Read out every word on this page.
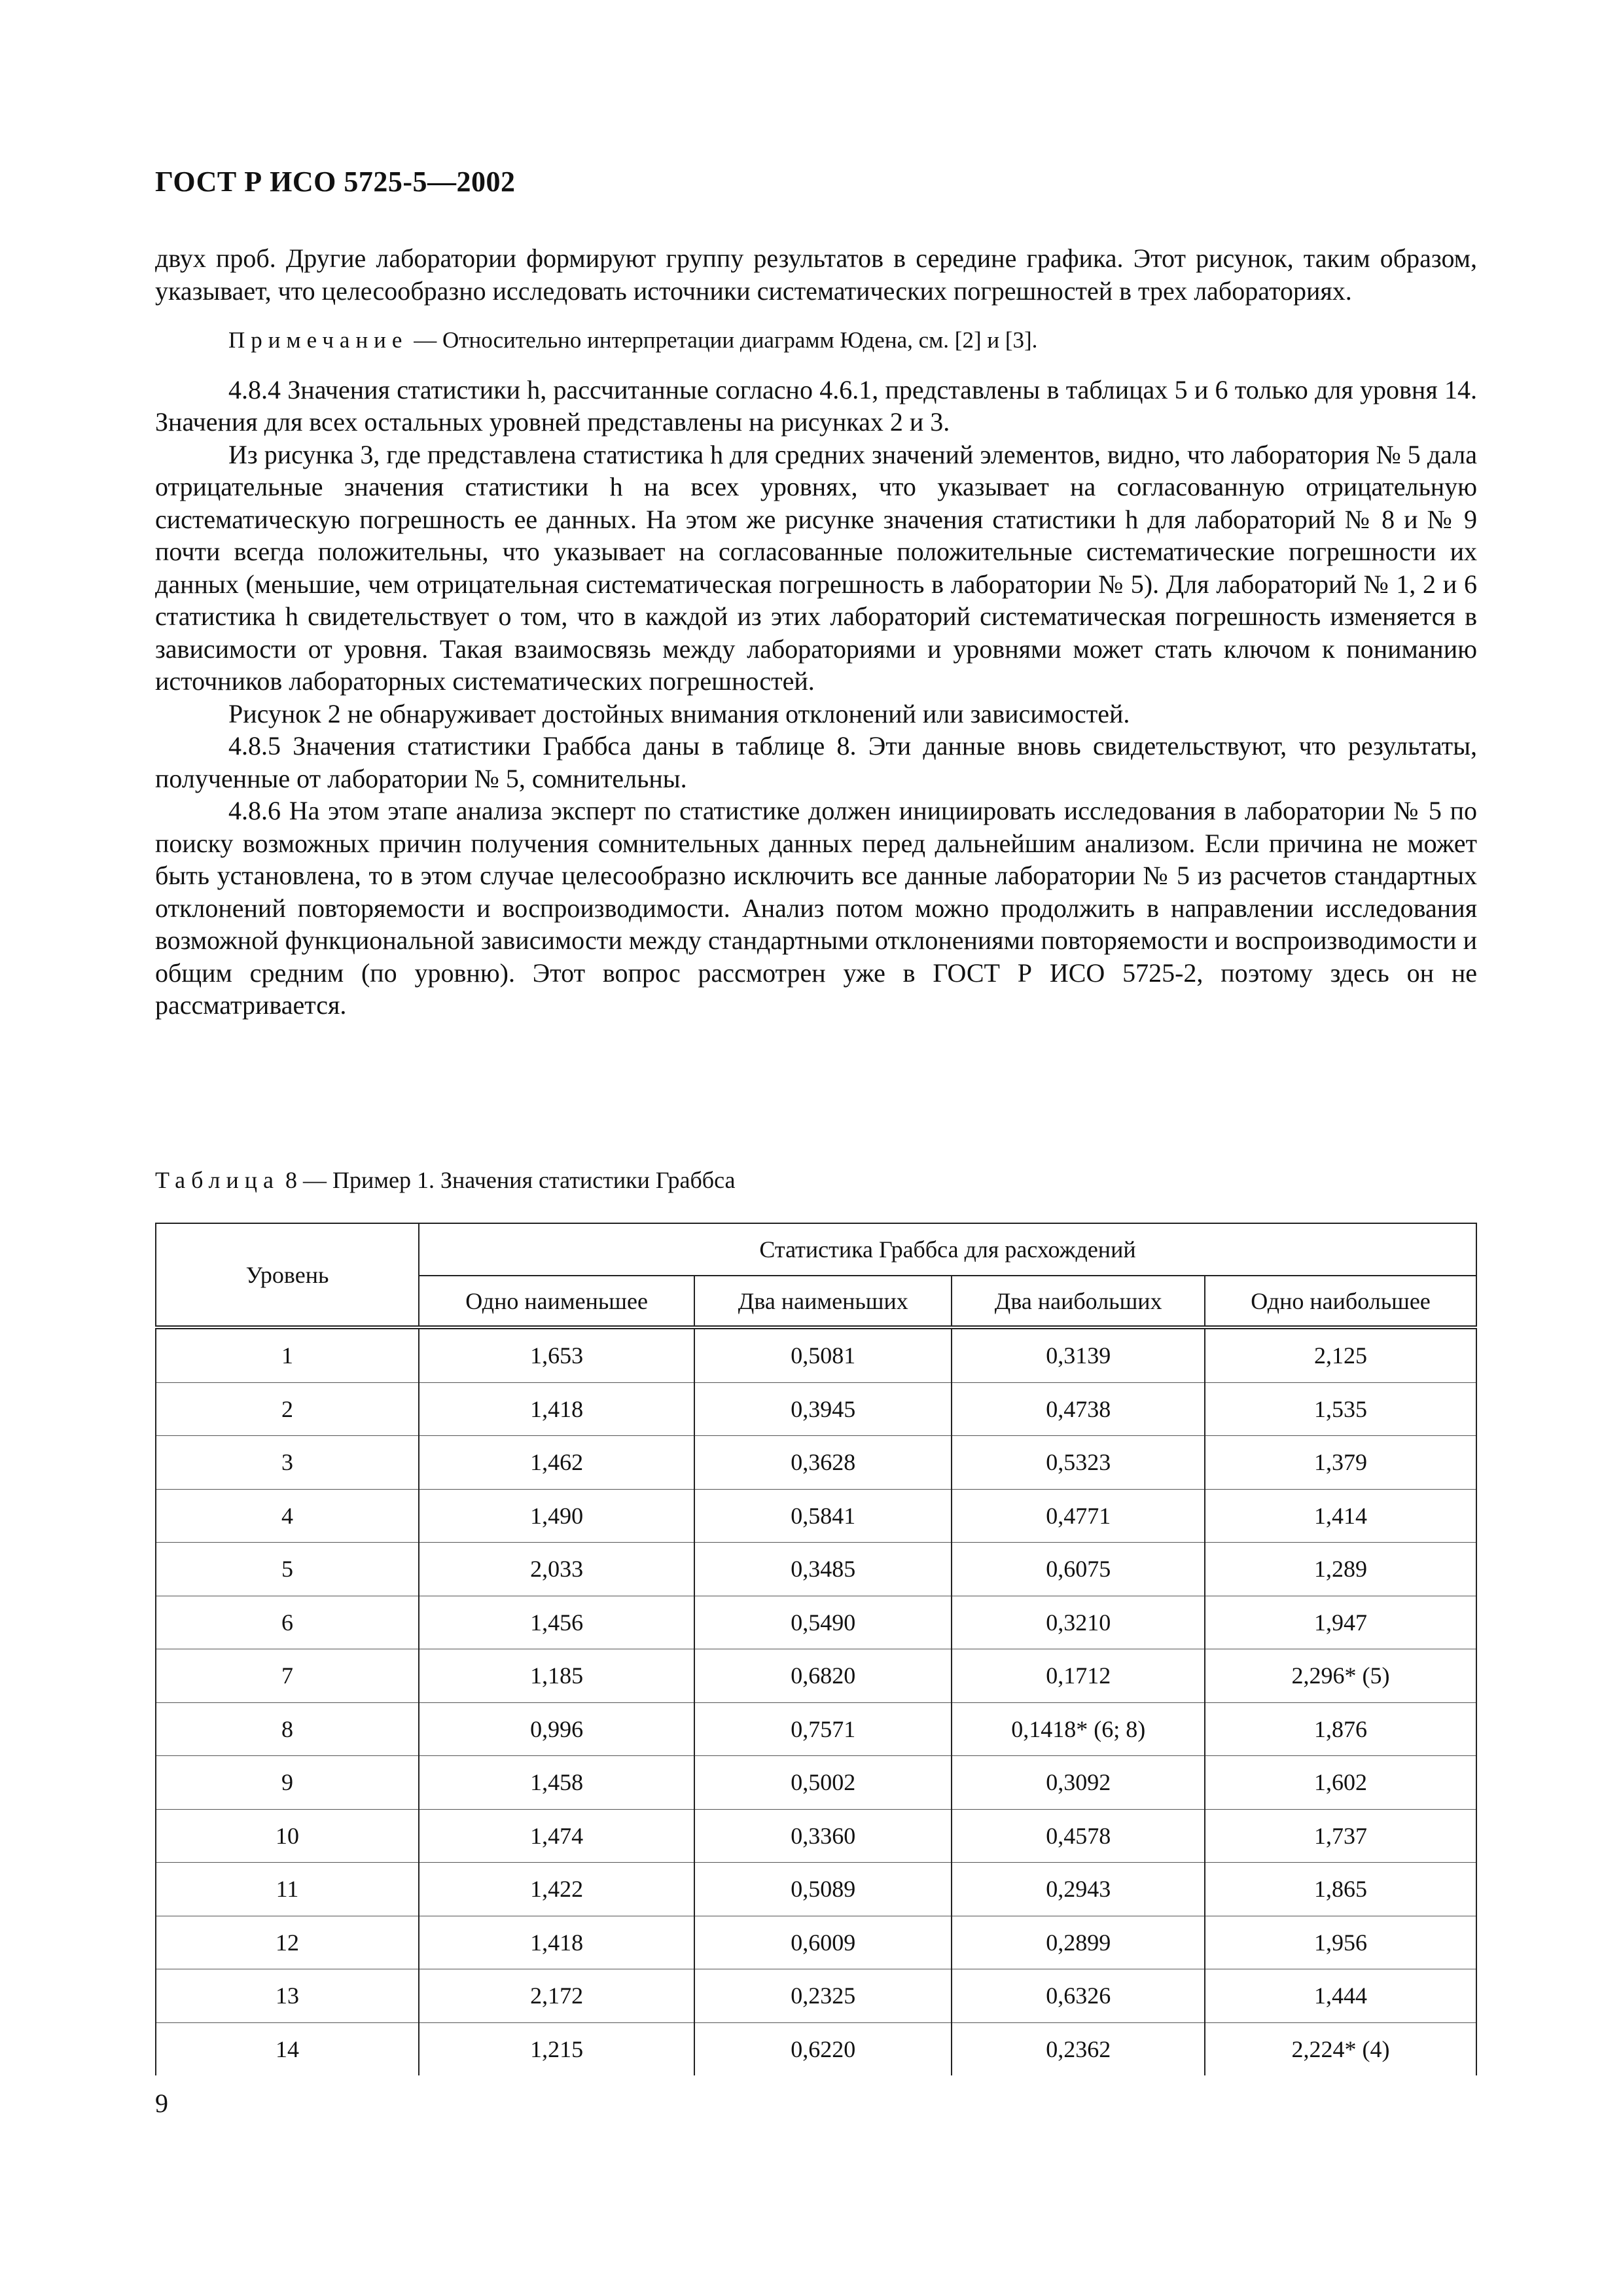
ГОСТ Р ИСО 5725-5—2002

двух проб. Другие лаборатории формируют группу результатов в середине графика. Этот рисунок, таким образом, указывает, что целесообразно исследовать источники систематических погрешностей в трех лабораториях.

Примечание — Относительно интерпретации диаграмм Юдена, см. [2] и [3].

4.8.4 Значения статистики h, рассчитанные согласно 4.6.1, представлены в таблицах 5 и 6 только для уровня 14. Значения для всех остальных уровней представлены на рисунках 2 и 3.

Из рисунка 3, где представлена статистика h для средних значений элементов, видно, что лаборатория № 5 дала отрицательные значения статистики h на всех уровнях, что указывает на согласованную отрицательную систематическую погрешность ее данных. На этом же рисунке значения статистики h для лабораторий № 8 и № 9 почти всегда положительны, что указывает на согласованные положительные систематические погрешности их данных (меньшие, чем отрицательная систематическая погрешность в лаборатории № 5). Для лабораторий № 1, 2 и 6 статистика h свидетельствует о том, что в каждой из этих лабораторий систематическая погрешность изменяется в зависимости от уровня. Такая взаимосвязь между лабораториями и уровнями может стать ключом к пониманию источников лабораторных систематических погрешностей.

Рисунок 2 не обнаруживает достойных внимания отклонений или зависимостей.

4.8.5 Значения статистики Граббса даны в таблице 8. Эти данные вновь свидетельствуют, что результаты, полученные от лаборатории № 5, сомнительны.

4.8.6 На этом этапе анализа эксперт по статистике должен инициировать исследования в лаборатории № 5 по поиску возможных причин получения сомнительных данных перед дальнейшим анализом. Если причина не может быть установлена, то в этом случае целесообразно исключить все данные лаборатории № 5 из расчетов стандартных отклонений повторяемости и воспроизводимости. Анализ потом можно продолжить в направлении исследования возможной функциональной зависимости между стандартными отклонениями повторяемости и воспроизводимости и общим средним (по уровню). Этот вопрос рассмотрен уже в ГОСТ Р ИСО 5725-2, поэтому здесь он не рассматривается.

Таблица 8 — Пример 1. Значения статистики Граббса
Уровень	Статистика Граббса для расхождений			
	Одно наименьшее	Два наименьших	Два наибольших	Одно наибольшее
1	1,653	0,5081	0,3139	2,125
2	1,418	0,3945	0,4738	1,535
3	1,462	0,3628	0,5323	1,379
4	1,490	0,5841	0,4771	1,414
5	2,033	0,3485	0,6075	1,289
6	1,456	0,5490	0,3210	1,947
7	1,185	0,6820	0,1712	2,296* (5)
8	0,996	0,7571	0,1418* (6; 8)	1,876
9	1,458	0,5002	0,3092	1,602
10	1,474	0,3360	0,4578	1,737
11	1,422	0,5089	0,2943	1,865
12	1,418	0,6009	0,2899	1,956
13	2,172	0,2325	0,6326	1,444
14	1,215	0,6220	0,2362	2,224* (4)
9
